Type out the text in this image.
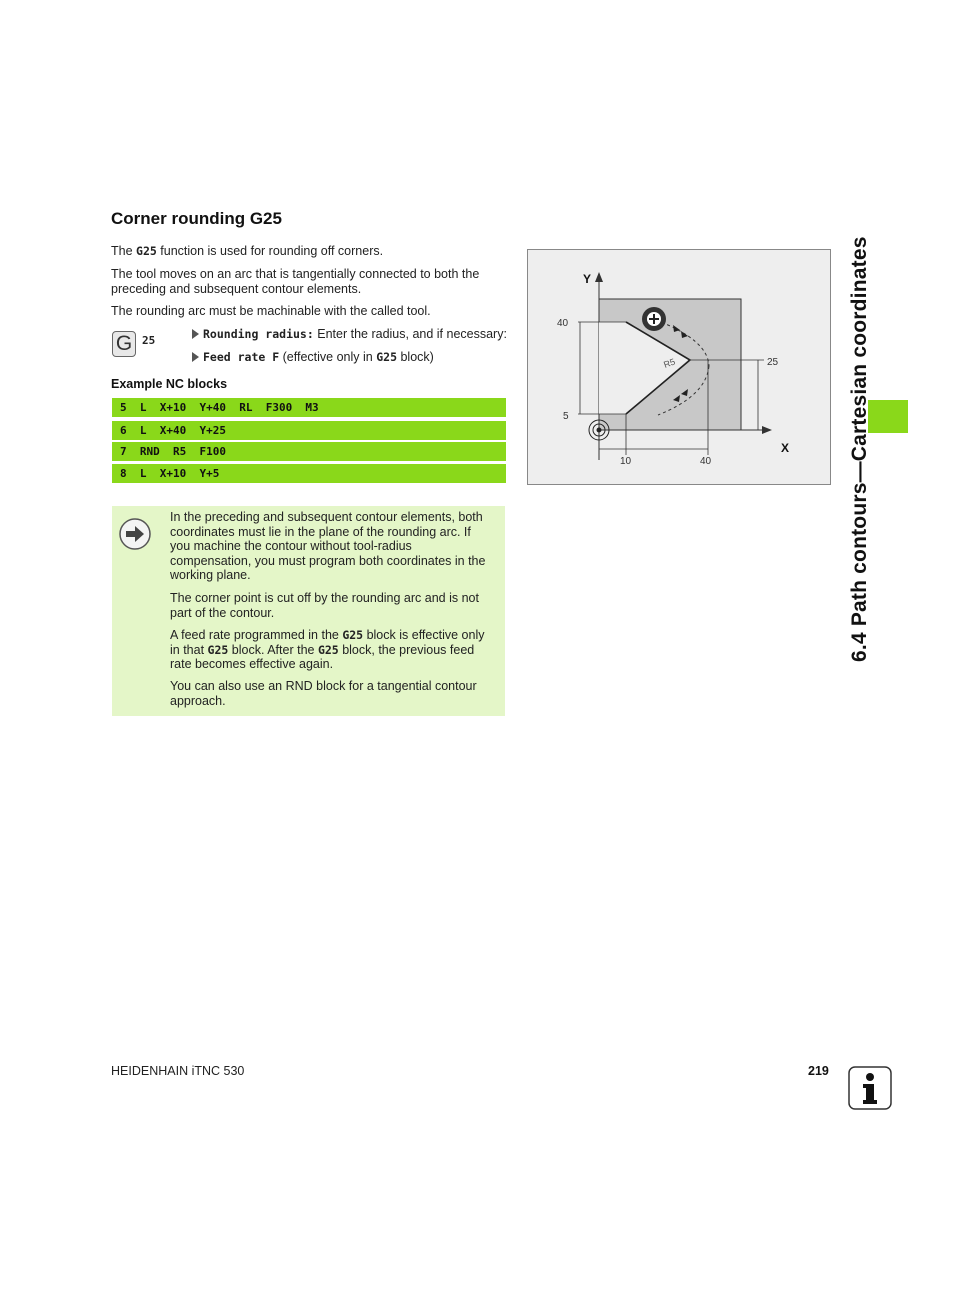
Corner rounding G25

The G25 function is used for rounding off corners.

The tool moves on an arc that is tangentially connected to both the
preceding and subsequent contour elements.

The rounding arc must be machinable with the called tool.

G 25	Rounding radius: Enter the radius, and if necessary:
Feed rate F (effective only in G25 block)
Example NC blocks
5  L  X+10  Y+40  RL  F300  M3
6  L  X+40  Y+25
7  RND  R5  F100
8  L  X+10  Y+5
Y
X
40
5
25
10	40
R5

In the preceding and subsequent contour elements, both
coordinates must lie in the plane of the rounding arc. If
you machine the contour without tool-radius
compensation, you must program both coordinates in the
working plane.

The corner point is cut off by the rounding arc and is not
part of the contour.

A feed rate programmed in the G25 block is effective only
in that G25 block. After the G25 block, the previous feed
rate becomes effective again.

You can also use an RND block for a tangential contour
approach.

6.4 Path contours—Cartesian coordinates
HEIDENHAIN iTNC 530	219
